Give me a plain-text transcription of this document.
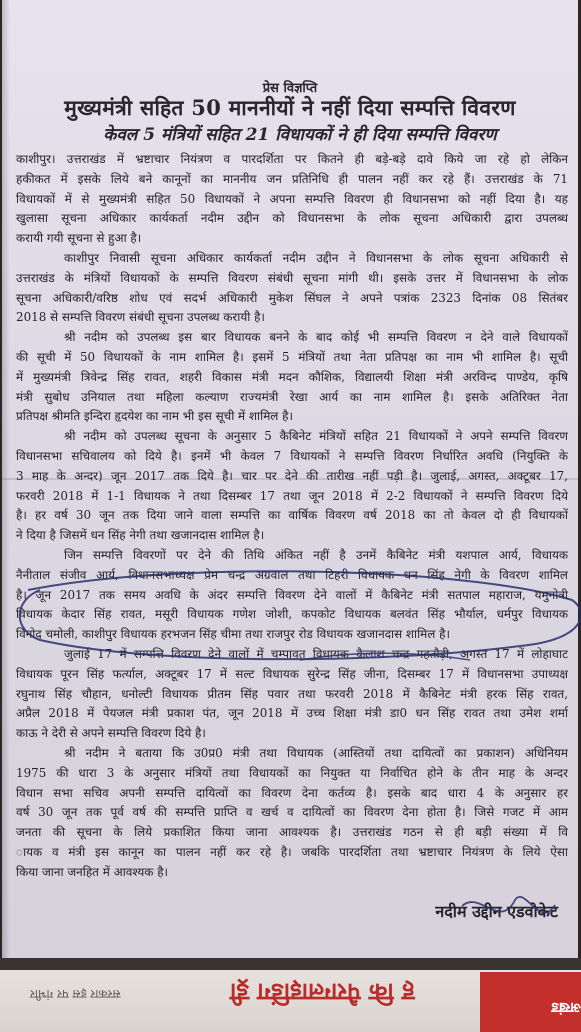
प्रेस विज्ञप्ति
मुख्यमंत्री सहित 50 माननीयों ने नहीं दिया सम्पत्ति विवरण
केवल 5 मंत्रियों सहित 21 विधायकों ने ही दिया सम्पत्ति विवरण
काशीपुर। उत्तराखंड में भ्रष्टाचार नियंत्रण व पारदर्शिता पर कितने ही बड़े-बड़े दावे किये जा रहे हो लेकिन
हकीकत में इसके लिये बने कानूनों का माननीय जन प्रतिनिधि ही पालन नहीं कर रहे हैं। उत्तराखंड के 71
विधायकों में से मुख्यमंत्री सहित 50 विधायकों ने अपना सम्पत्ति विवरण ही विधानसभा को नहीं दिया है। यह
खुलासा सूचना अधिकार कार्यकर्ता नदीम उद्दीन को विधानसभा के लोक सूचना अधिकारी द्वारा उपलब्ध
करायी गयी सूचना से हुआ है।
काशीपुर निवासी सूचना अधिकार कार्यकर्ता नदीम उद्दीन ने विधानसभा के लोक सूचना अधिकारी से
उत्तराखंड के मंत्रियों विधायकों के सम्पत्ति विवरण संबंधी सूचना मांगी थी। इसके उत्तर में विधानसभा के लोक
सूचना अधिकारी/वरिष्ठ शोध एवं सदर्भ अधिकारी मुकेश सिंघल ने अपने पत्रांक 2323 दिनांक 08 सितंबर
2018 से सम्पत्ति विवरण संबंधी सूचना उपलब्ध करायी है।
श्री नदीम को उपलब्ध इस बार विधायक बनने के बाद कोई भी सम्पत्ति विवरण न देने वाले विधायकों
की सूची में 50 विधायकों के नाम शामिल है। इसमें 5 मंत्रियों तथा नेता प्रतिपक्ष का नाम भी शामिल है। सूची
में मुख्यमंत्री त्रिवेन्द्र सिंह रावत, शहरी विकास मंत्री मदन कौशिक, विद्यालयी शिक्षा मंत्री अरविन्द पाण्डेय, कृषि
मंत्री सुबोध उनियाल तथा महिला कल्याण राज्यमंत्री रेखा आर्य का नाम शामिल है। इसके अतिरिक्त नेता
प्रतिपक्ष श्रीमति इन्दिरा हृदयेश का नाम भी इस सूची में शामिल है।
श्री नदीम को उपलब्ध सूचना के अनुसार 5 कैबिनेट मंत्रियों सहित 21 विधायकों ने अपने सम्पत्ति विवरण
विधानसभा सचिवालय को दिये है। इनमें भी केवल 7 विधायकों ने सम्पत्ति विवरण निर्धारित अवधि (नियुक्ति के
3 माह के अन्दर) जून 2017 तक दिये है। चार पर देने की तारीख नहीं पड़ी है। जुलाई, अगस्त, अक्टूबर 17,
फरवरी 2018 में 1-1 विधायक ने तथा दिसम्बर 17 तथा जून 2018 में 2-2 विधायकों ने सम्पत्ति विवरण दिये
है। हर वर्ष 30 जून तक दिया जाने वाला सम्पत्ति का वार्षिक विवरण वर्ष 2018 का तो केवल दो ही विधायकों
ने दिया है जिसमें धन सिंह नेगी तथा खजानदास शामिल है।
जिन सम्पत्ति विवरणों पर देने की तिथि अंकित नहीं है उनमें कैबिनेट मंत्री यशपाल आर्य, विधायक
नैनीताल संजीव आर्य, विधानसभाध्यक्ष प्रेम चन्द्र अग्रवाल तथा टिहरी विधायक धन सिंह नेगी के विवरण शामिल
है। जून 2017 तक समय अवधि के अंदर सम्पत्ति विवरण देने वालों में कैबिनेट मंत्री सतपाल महाराज, यमुनोत्री
विधायक केदार सिंह रावत, मसूरी विधायक गणेश जोशी, कपकोट विधायक बलवंत सिंह भौर्याल, धर्मपुर विधायक
विनोद चमोली, काशीपुर विधायक हरभजन सिंह चीमा तथा राजपुर रोड विधायक खजानदास शामिल है।
जुलाई 17 में सम्पत्ति विवरण देने वालों में चम्पावत विधायक कैलाश चन्द्र गहतौड़ी, अगस्त 17 में लोहाघाट
विधायक पूरन सिंह फर्त्याल, अक्टूबर 17 में सल्ट विधायक सुरेन्द्र सिंह जीना, दिसम्बर 17 में विधानसभा उपाध्यक्ष
रघुनाथ सिंह चौहान, धनोल्टी विधायक प्रीतम सिंह पवार तथा फरवरी 2018 में कैबिनेट मंत्री हरक सिंह रावत,
अप्रैल 2018 में पेयजल मंत्री प्रकाश पंत, जून 2018 में उच्च शिक्षा मंत्री डा0 धन सिंह रावत तथा उमेश शर्मा
काऊ ने देरी से अपने सम्पत्ति विवरण दिये है।
श्री नदीम ने बताया कि उ0प्र0 मंत्री तथा विधायक (आस्तियों तथा दायित्वों का प्रकाशन) अधिनियम
1975 की धारा 3 के अनुसार मंत्रियों तथा विधायकों का नियुक्त या निर्वाचित होने के तीन माह के अन्दर
विधान सभा सचिव अपनी सम्पत्ति दायित्वों का विवरण देना कर्तव्य है। इसके बाद धारा 4 के अनुसार हर
वर्ष 30 जून तक पूर्व वर्ष की सम्पत्ति प्राप्ति व खर्च व दायित्वों का विवरण देना होता है। जिसे गजट में आम
जनता की सूचना के लिये प्रकाशित किया जाना आवश्यक है। उत्तराखंड गठन से ही बड़ी संख्या में वि
ायक व मंत्री इस कानून का पालन नहीं कर रहे है। जबकि पारदर्शिता तथा भ्रष्टाचार नियंत्रण के लिये ऐसा
किया जाना जनहित में आवश्यक है।
नदीम उद्दीन एडवोकेट
ह कि पैराग्लाइडिंग ड्री
सरकार इस पर गंभीर
अखंड
